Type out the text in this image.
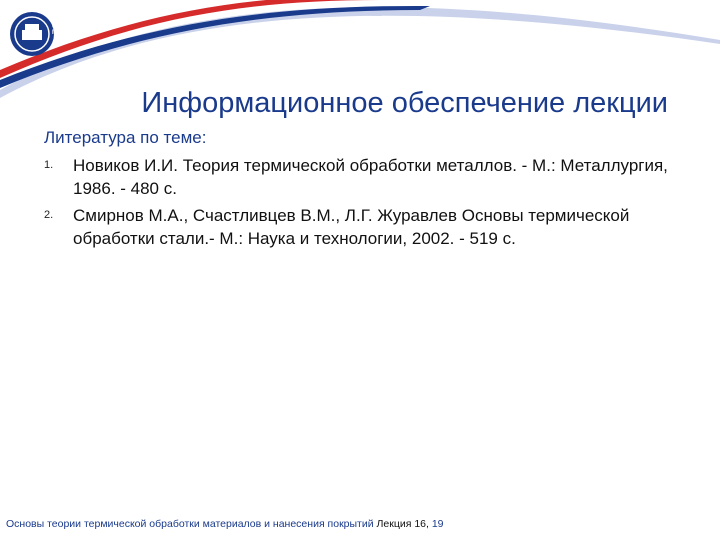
ИННОВАЦИОННАЯ ОБРАЗОВАТЕЛЬНАЯ ПРОГРАММА
Информационное обеспечение лекции
Литература по теме:
1.	Новиков И.И. Теория термической обработки металлов. - М.: Металлургия, 1986. - 480 с.
2.	Смирнов М.А., Счастливцев В.М., Л.Г. Журавлев Основы термической обработки стали.- М.: Наука и технологии, 2002. - 519 с.
Основы теории термической обработки материалов и нанесения покрытий Лекция 16, 19
